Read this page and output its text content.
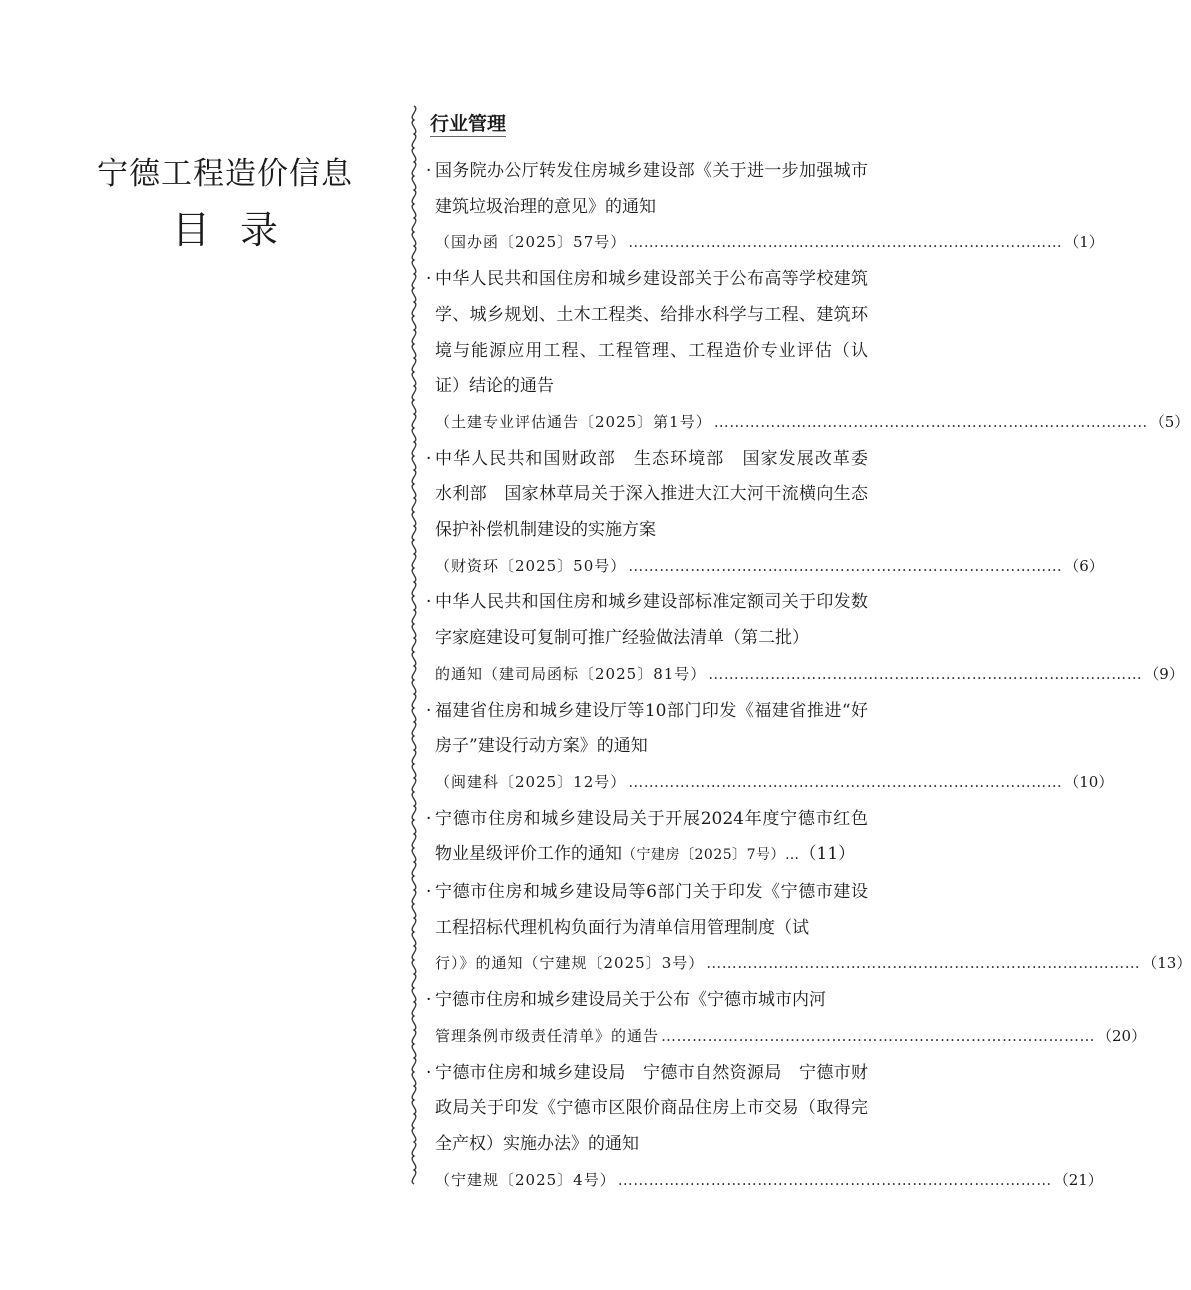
宁德工程造价信息
目录
行业管理
· 国务院办公厅转发住房城乡建设部《关于进一步加强城市建筑垃圾治理的意见》的通知
（国办函〔2025〕57号） ………………………………………………………………………… （1）
· 中华人民共和国住房和城乡建设部关于公布高等学校建筑学、城乡规划、土木工程类、给排水科学与工程、建筑环境与能源应用工程、工程管理、工程造价专业评估（认证）结论的通告
（土建专业评估通告〔2025〕第1号） ………………………………………………………………………… （5）
· 中华人民共和国财政部　生态环境部　国家发展改革委　水利部　国家林草局关于深入推进大江大河干流横向生态保护补偿机制建设的实施方案
（财资环〔2025〕50号） ………………………………………………………………………… （6）
· 中华人民共和国住房和城乡建设部标准定额司关于印发数字家庭建设可复制可推广经验做法清单（第二批）
的通知（建司局函标〔2025〕81号） ………………………………………………………………………… （9）
· 福建省住房和城乡建设厅等10部门印发《福建省推进“好房子”建设行动方案》的通知
（闽建科〔2025〕12号） ………………………………………………………………………… （10）
· 宁德市住房和城乡建设局关于开展2024年度宁德市红色物业星级评价工作的通知（宁建房〔2025〕7号）…（11）
· 宁德市住房和城乡建设局等6部门关于印发《宁德市建设工程招标代理机构负面行为清单信用管理制度（试
行）》的通知（宁建规〔2025〕3号） ………………………………………………………………………… （13）
· 宁德市住房和城乡建设局关于公布《宁德市城市内河
管理条例市级责任清单》的通告 ………………………………………………………………………… （20）
· 宁德市住房和城乡建设局　宁德市自然资源局　宁德市财政局关于印发《宁德市区限价商品住房上市交易（取得完全产权）实施办法》的通知
（宁建规〔2025〕4号） ………………………………………………………………………… （21）
